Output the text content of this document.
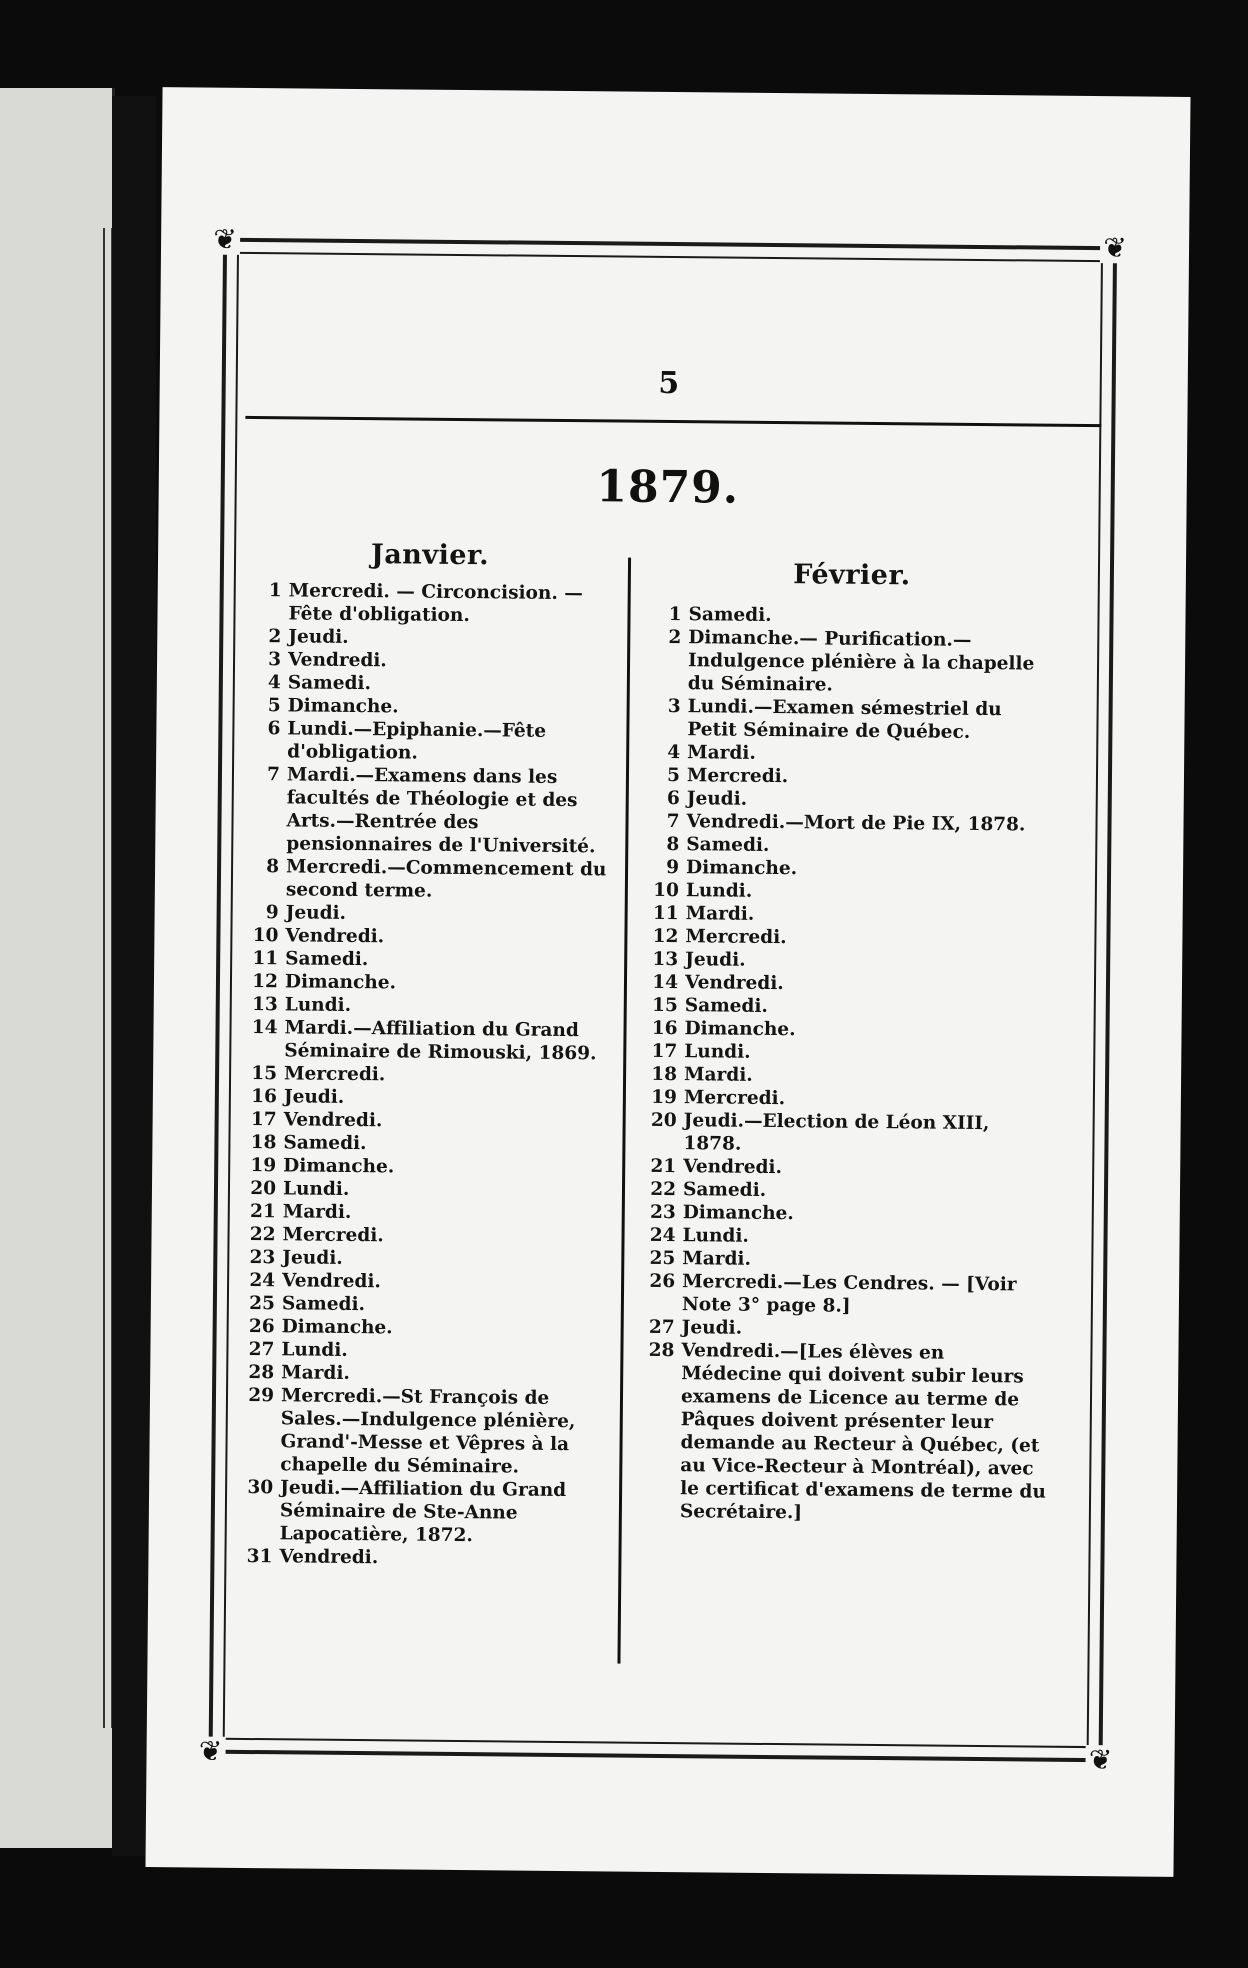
❦	❦
❦	❦
5
1879.
Janvier.
1 Mercredi. — Circoncision. — Fête d'obligation.
2 Jeudi.
3 Vendredi.
4 Samedi.
5 Dimanche.
6 Lundi.—Epiphanie.—Fête d'obligation.
7 Mardi.—Examens dans les facultés de Théologie et des Arts.—Rentrée des pensionnaires de l'Université.
8 Mercredi.—Commencement du second terme.
9 Jeudi.
10 Vendredi.
11 Samedi.
12 Dimanche.
13 Lundi.
14 Mardi.—Affiliation du Grand Séminaire de Rimouski, 1869.
15 Mercredi.
16 Jeudi.
17 Vendredi.
18 Samedi.
19 Dimanche.
20 Lundi.
21 Mardi.
22 Mercredi.
23 Jeudi.
24 Vendredi.
25 Samedi.
26 Dimanche.
27 Lundi.
28 Mardi.
29 Mercredi.—St François de Sales.—Indulgence plénière, Grand'-Messe et Vêpres à la chapelle du Séminaire.
30 Jeudi.—Affiliation du Grand Séminaire de Ste-Anne Lapocatière, 1872.
31 Vendredi.
Février.
1 Samedi.
2 Dimanche.— Purification.—Indulgence plénière à la chapelle du Séminaire.
3 Lundi.—Examen sémestriel du Petit Séminaire de Québec.
4 Mardi.
5 Mercredi.
6 Jeudi.
7 Vendredi.—Mort de Pie IX, 1878.
8 Samedi.
9 Dimanche.
10 Lundi.
11 Mardi.
12 Mercredi.
13 Jeudi.
14 Vendredi.
15 Samedi.
16 Dimanche.
17 Lundi.
18 Mardi.
19 Mercredi.
20 Jeudi.—Election de Léon XIII, 1878.
21 Vendredi.
22 Samedi.
23 Dimanche.
24 Lundi.
25 Mardi.
26 Mercredi.—Les Cendres. — [Voir Note 3° page 8.]
27 Jeudi.
28 Vendredi.—[Les élèves en Médecine qui doivent subir leurs examens de Licence au terme de Pâques doivent présenter leur demande au Recteur à Québec, (et au Vice-Recteur à Montréal), avec le certificat d'examens de terme du Secrétaire.]
